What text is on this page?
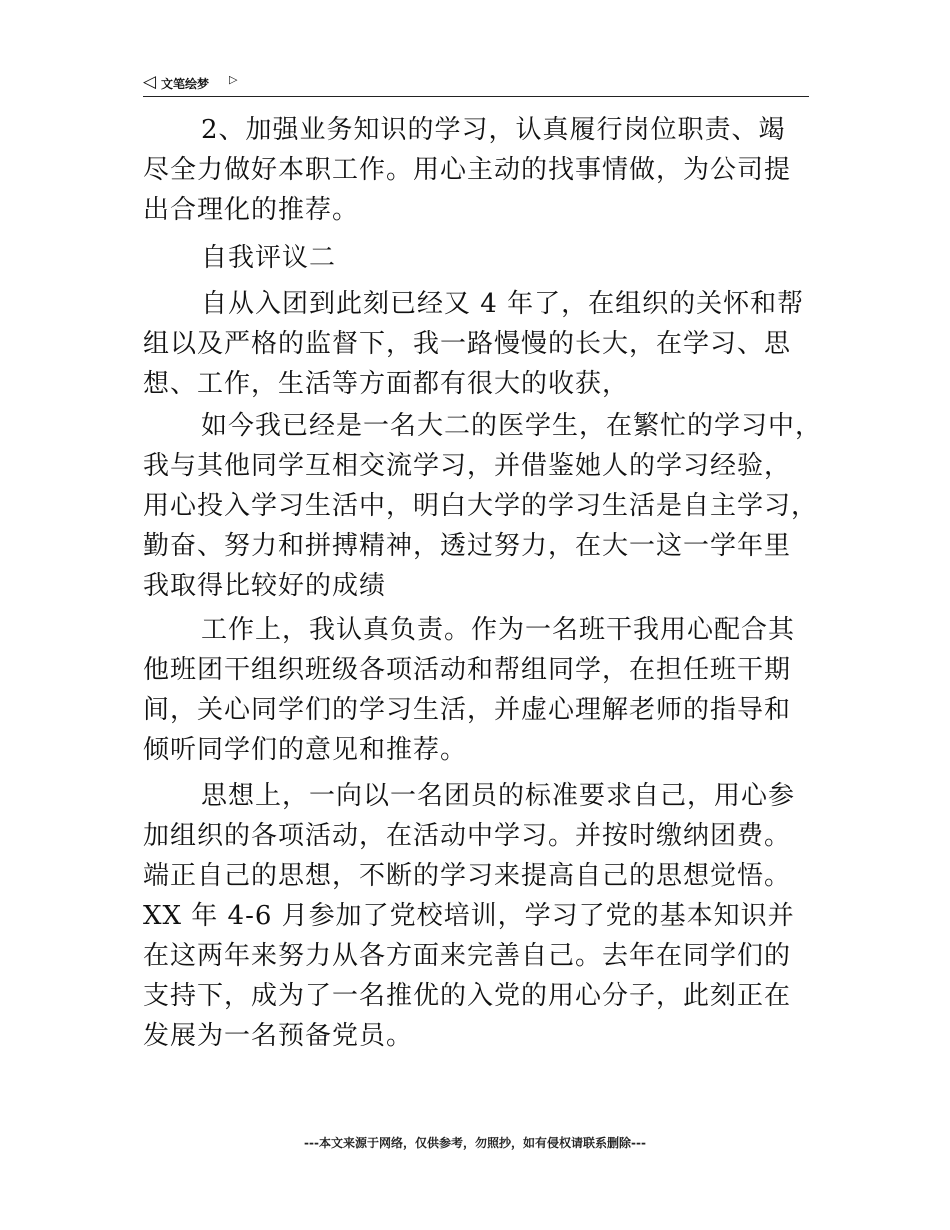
◁ 文笔绘梦 ▷

2、加强业务知识的学习，认真履行岗位职责、竭
尽全力做好本职工作。用心主动的找事情做，为公司提
出合理化的推荐。

自我评议二

自从入团到此刻已经又 4 年了，在组织的关怀和帮
组以及严格的监督下，我一路慢慢的长大，在学习、思
想、工作，生活等方面都有很大的收获，

如今我已经是一名大二的医学生，在繁忙的学习中，
我与其他同学互相交流学习，并借鉴她人的学习经验，
用心投入学习生活中，明白大学的学习生活是自主学习，
勤奋、努力和拼搏精神，透过努力，在大一这一学年里
我取得比较好的成绩

工作上，我认真负责。作为一名班干我用心配合其
他班团干组织班级各项活动和帮组同学，在担任班干期
间，关心同学们的学习生活，并虚心理解老师的指导和
倾听同学们的意见和推荐。

思想上，一向以一名团员的标准要求自己，用心参
加组织的各项活动，在活动中学习。并按时缴纳团费。
端正自己的思想，不断的学习来提高自己的思想觉悟。
XX 年 4-6 月参加了党校培训，学习了党的基本知识并
在这两年来努力从各方面来完善自己。去年在同学们的
支持下，成为了一名推优的入党的用心分子，此刻正在
发展为一名预备党员。

---本文来源于网络，仅供参考，勿照抄，如有侵权请联系删除---
